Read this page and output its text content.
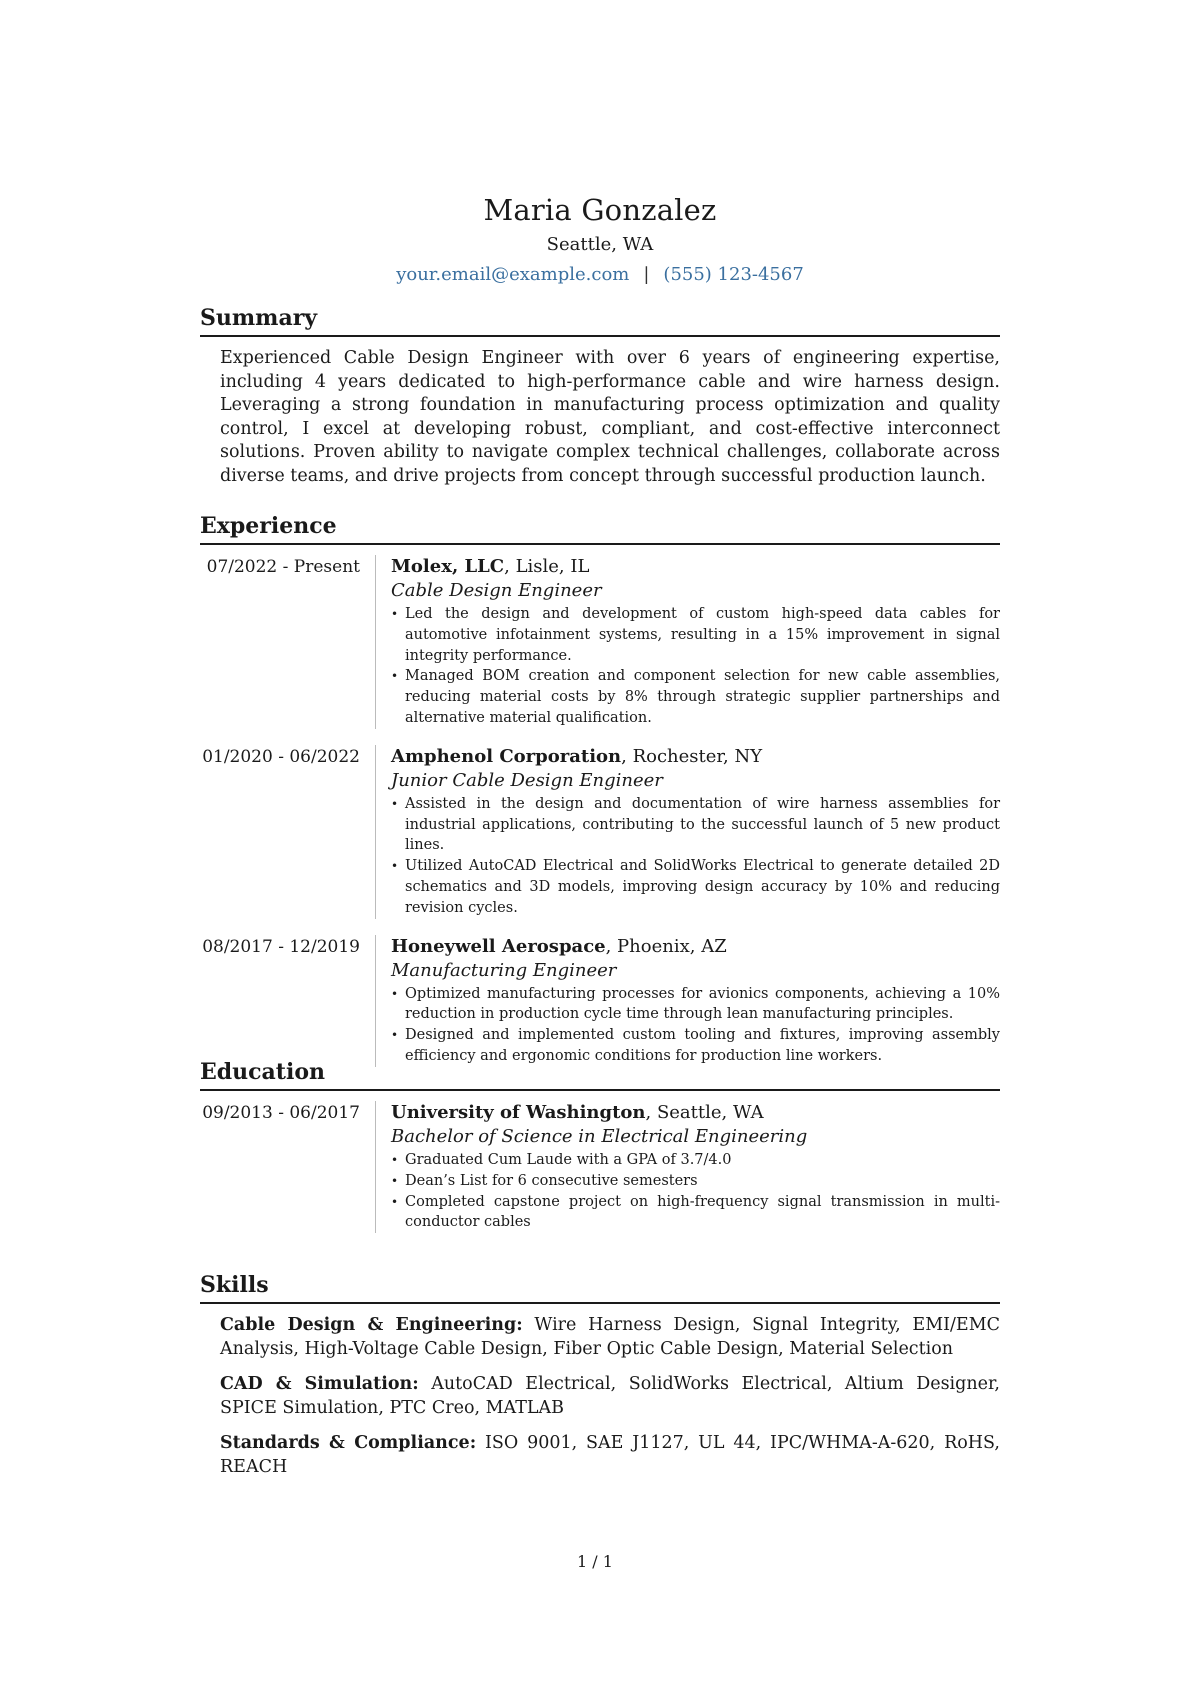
Maria Gonzalez
Seattle, WA
your.email@example.com | (555) 123-4567
Summary

Experienced Cable Design Engineer with over 6 years of engineering expertise, including 4 years dedicated to high-performance cable and wire harness design. Leveraging a strong foundation in manufacturing process optimization and quality control, I excel at developing robust, compliant, and cost-effective interconnect solutions. Proven ability to navigate complex technical challenges, collaborate across diverse teams, and drive projects from concept through successful production launch.

Experience
07/2022 - Present	Molex, LLC, Lisle, IL
Cable Design Engineer
• Led the design and development of custom high-speed data cables for automotive infotainment systems, resulting in a 15% improvement in signal integrity performance.
• Managed BOM creation and component selection for new cable assemblies, reducing material costs by 8% through strategic supplier partnerships and alternative material qualification.
01/2020 - 06/2022	Amphenol Corporation, Rochester, NY
Junior Cable Design Engineer
• Assisted in the design and documentation of wire harness assemblies for industrial applications, contributing to the successful launch of 5 new product lines.
• Utilized AutoCAD Electrical and SolidWorks Electrical to generate detailed 2D schematics and 3D models, improving design accuracy by 10% and reducing revision cycles.
08/2017 - 12/2019	Honeywell Aerospace, Phoenix, AZ
Manufacturing Engineer
• Optimized manufacturing processes for avionics components, achieving a 10% reduction in production cycle time through lean manufacturing principles.
• Designed and implemented custom tooling and fixtures, improving assembly efficiency and ergonomic conditions for production line workers.
Education
09/2013 - 06/2017	University of Washington, Seattle, WA
Bachelor of Science in Electrical Engineering
• Graduated Cum Laude with a GPA of 3.7/4.0
• Dean’s List for 6 consecutive semesters
• Completed capstone project on high-frequency signal transmission in multi-conductor cables
Skills

Cable Design & Engineering: Wire Harness Design, Signal Integrity, EMI/EMC Analysis, High-Voltage Cable Design, Fiber Optic Cable Design, Material Selection

CAD & Simulation: AutoCAD Electrical, SolidWorks Electrical, Altium Designer, SPICE Simulation, PTC Creo, MATLAB

Standards & Compliance: ISO 9001, SAE J1127, UL 44, IPC/WHMA-A-620, RoHS, REACH

1 / 1
